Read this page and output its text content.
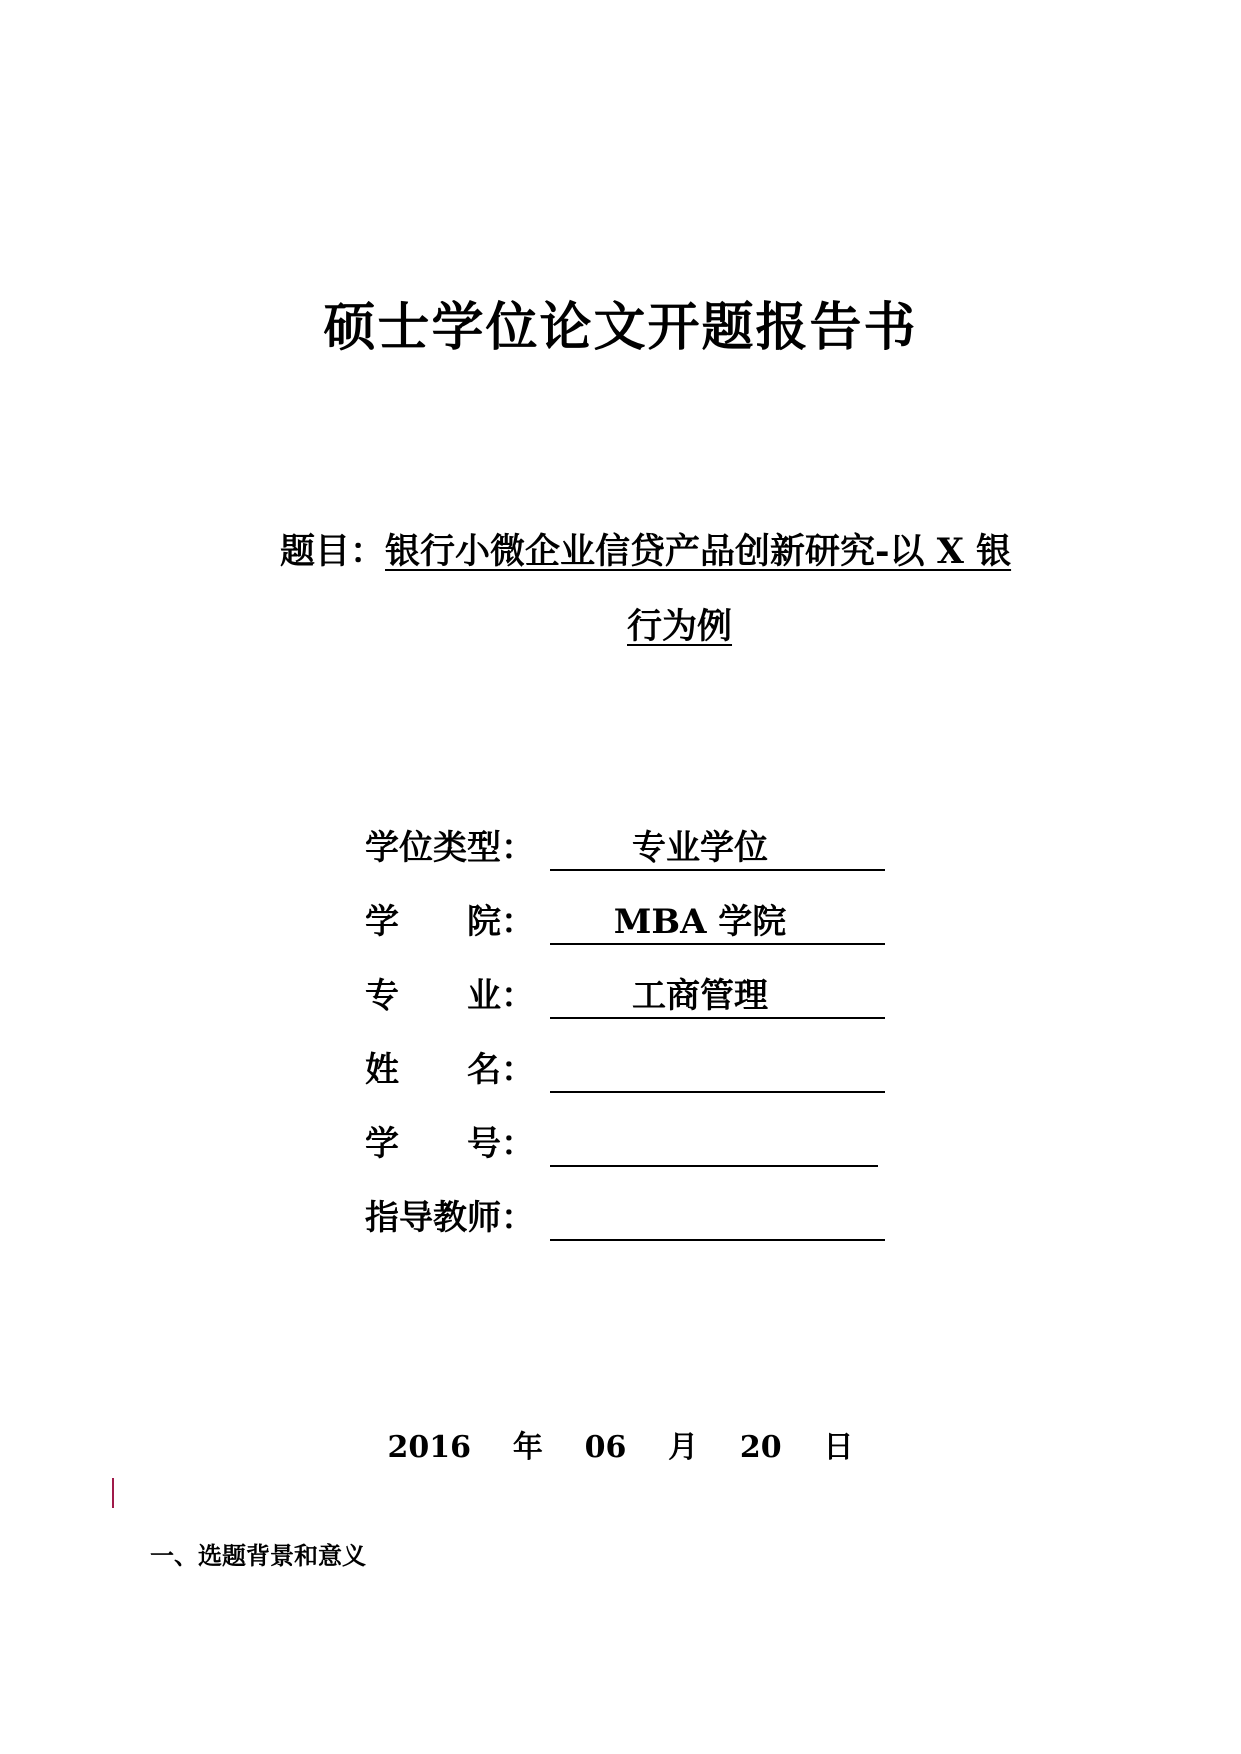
硕士学位论文开题报告书
题目：银行小微企业信贷产品创新研究-以 X 银
行为例
学位类型：	专业学位
学　　院：	MBA 学院
专　　业：	工商管理
姓　　名：
学　　号：
指导教师：
2016 年 06 月 20 日
一、选题背景和意义
